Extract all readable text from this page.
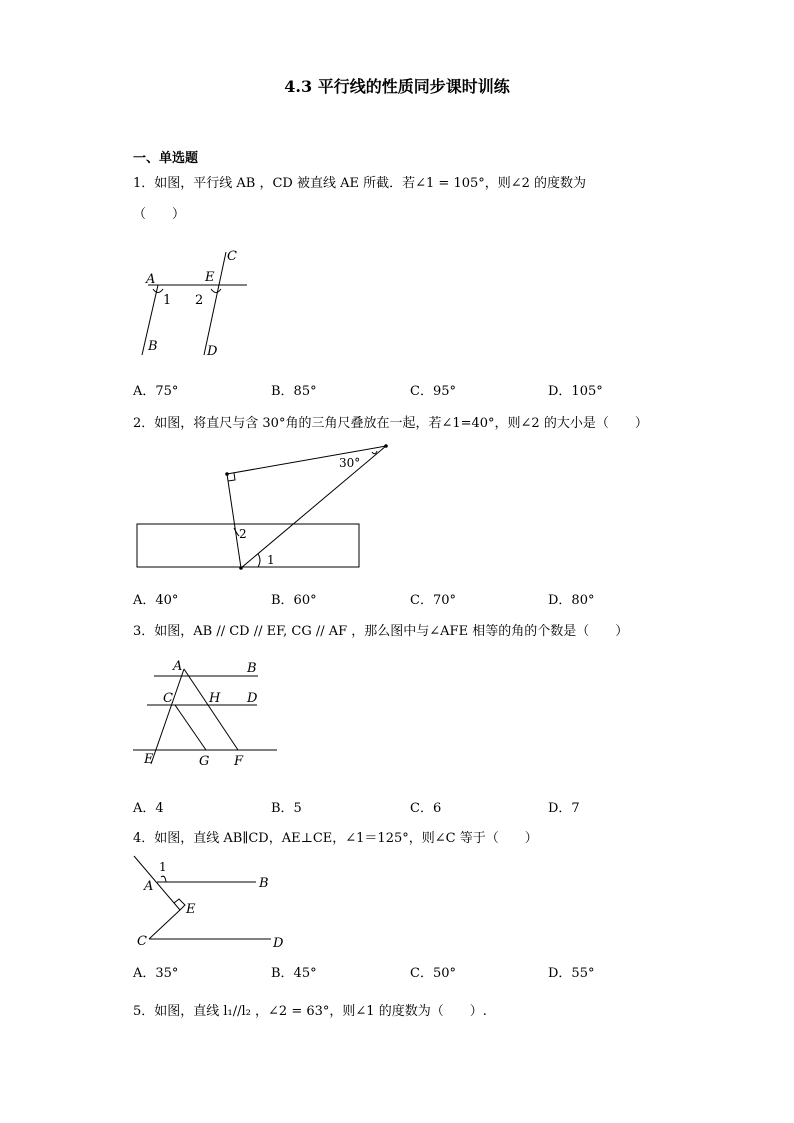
4.3 平行线的性质同步课时训练
一、单选题
1．如图，平行线 AB ，CD 被直线 AE 所截．若∠1 = 105°，则∠2 的度数为
（　　）
A	E
C
B	D
1 2
A．75°	B．85°	C．95°	D．105°
2．如图，将直尺与含 30°角的三角尺叠放在一起，若∠1=40°，则∠2 的大小是（　　）
30°
2
1
A．40°	B．60°	C．70°	D．80°
3．如图，AB // CD // EF, CG // AF ，那么图中与∠AFE 相等的角的个数是（　　）
A	B
C	H D
E	G F
A．4	B．5	C．6	D．7
4．如图，直线 AB∥CD，AE⊥CE，∠1＝125°，则∠C 等于（　　）
1
A	B
E
C	D
A．35°	B．45°	C．50°	D．55°
5．如图，直线 l₁//l₂ ，∠2 = 63°，则∠1 的度数为（　　）.
